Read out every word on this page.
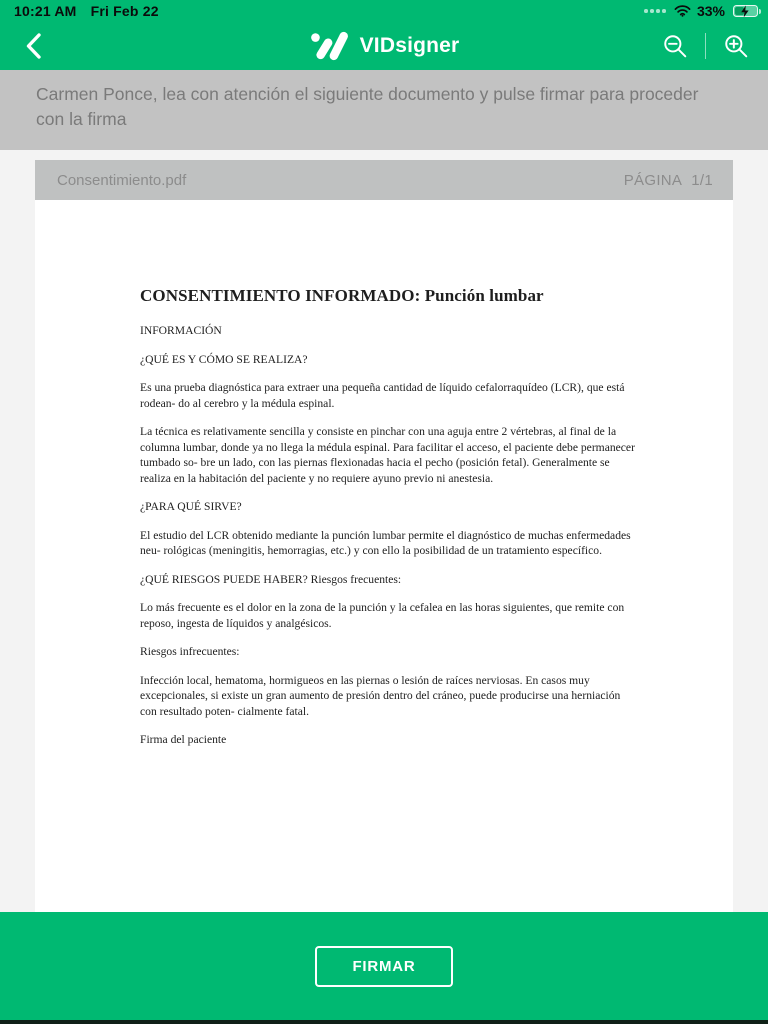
10:21 AM Fri Feb 22	33%
VIDsigner

Carmen Ponce, lea con atención el siguiente documento y pulse firmar para proceder con la firma

Consentimiento.pdf	PÁGINA 1/1
CONSENTIMIENTO INFORMADO: Punción lumbar

INFORMACIÓN

¿QUÉ ES Y CÓMO SE REALIZA?

Es una prueba diagnóstica para extraer una pequeña cantidad de líquido cefalorraquídeo (LCR), que está rodean- do al cerebro y la médula espinal.

La técnica es relativamente sencilla y consiste en pinchar con una aguja entre 2 vértebras, al final de la columna lumbar, donde ya no llega la médula espinal. Para facilitar el acceso, el paciente debe permanecer tumbado so- bre un lado, con las piernas flexionadas hacia el pecho (posición fetal). Generalmente se realiza en la habitación del paciente y no requiere ayuno previo ni anestesia.

¿PARA QUÉ SIRVE?

El estudio del LCR obtenido mediante la punción lumbar permite el diagnóstico de muchas enfermedades neu- rológicas (meningitis, hemorragias, etc.) y con ello la posibilidad de un tratamiento específico.

¿QUÉ RIESGOS PUEDE HABER? Riesgos frecuentes:

Lo más frecuente es el dolor en la zona de la punción y la cefalea en las horas siguientes, que remite con reposo, ingesta de líquidos y analgésicos.

Riesgos infrecuentes:

Infección local, hematoma, hormigueos en las piernas o lesión de raíces nerviosas. En casos muy excepcionales, si existe un gran aumento de presión dentro del cráneo, puede producirse una herniación con resultado poten- cialmente fatal.

Firma del paciente

FIRMAR
